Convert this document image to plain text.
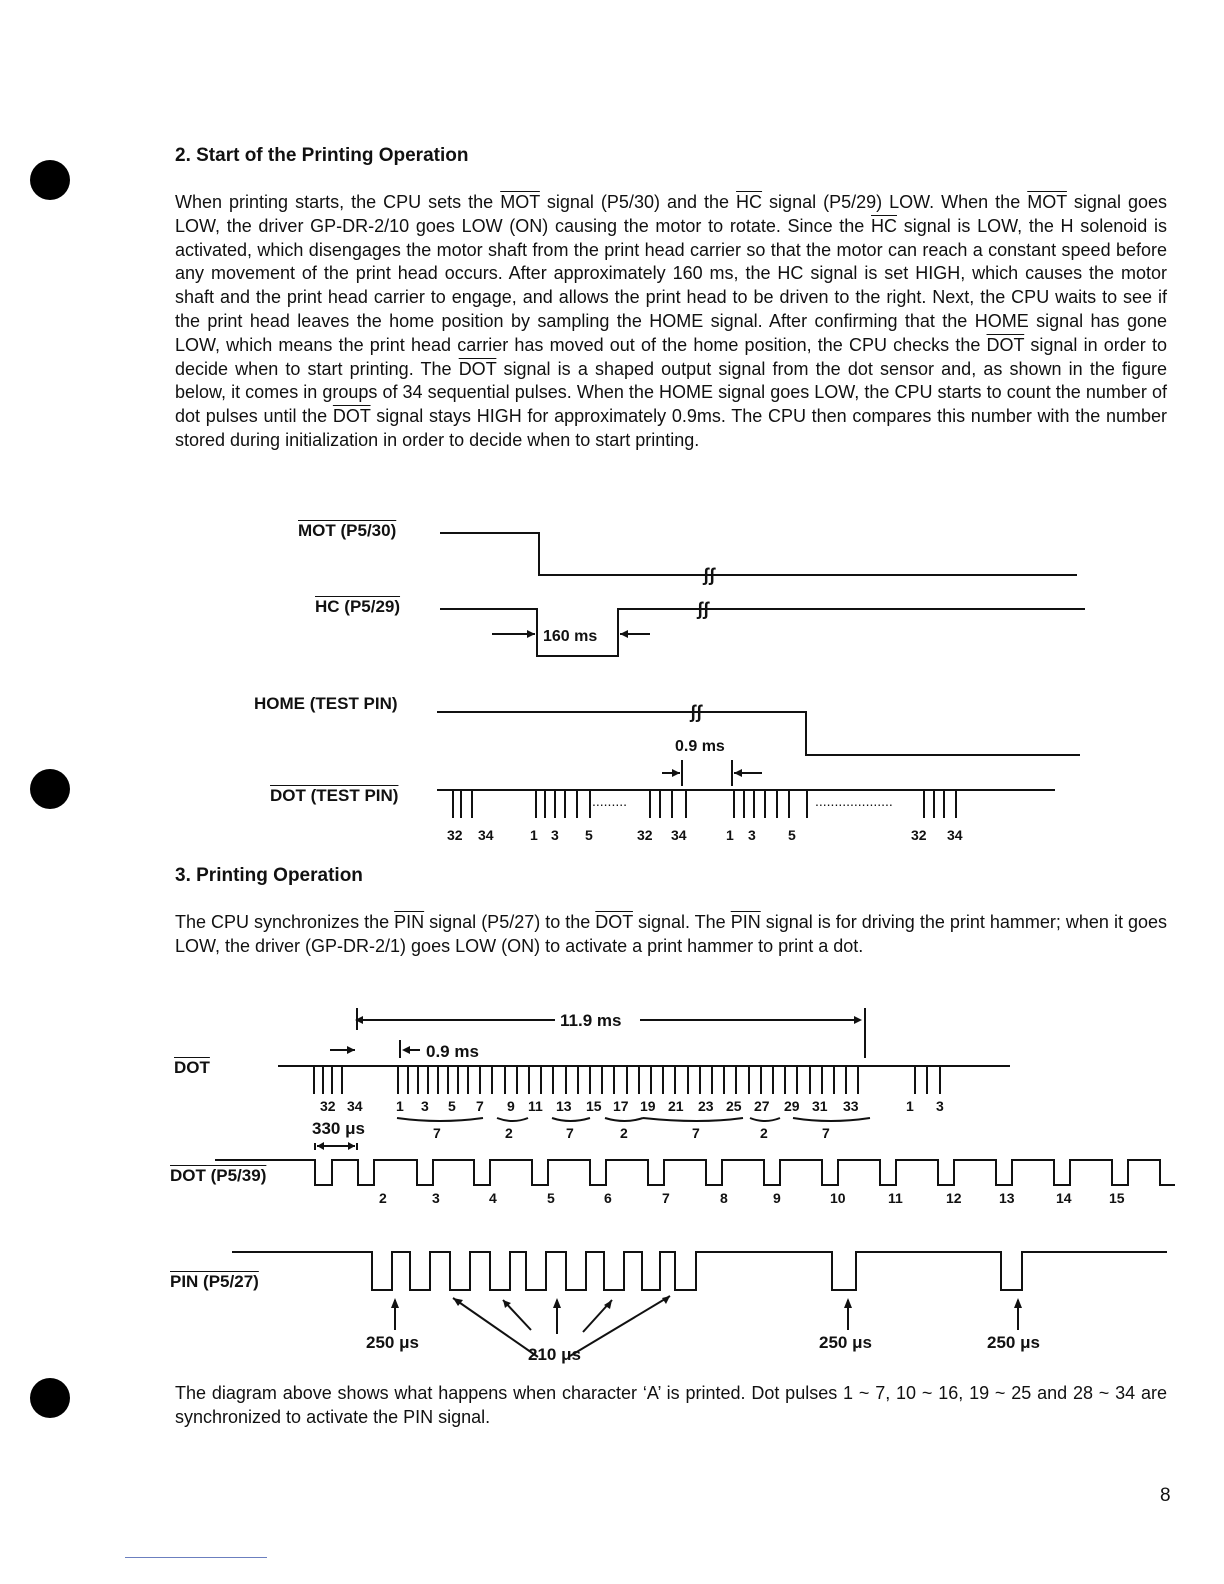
2. Start of the Printing Operation

When printing starts, the CPU sets the $\overline{MOT}$ signal (P5/30) and the $\overline{HC}$ signal (P5/29) LOW. When the $\overline{MOT}$ signal goes LOW, the driver GP-DR-2/10 goes LOW (ON) causing the motor to rotate. Since the $\overline{HC}$ signal is LOW, the H solenoid is activated, which disengages the motor shaft from the print head carrier so that the motor can reach a constant speed before any movement of the print head occurs. After approximately 160 ms, the HC signal is set HIGH, which causes the motor shaft and the print head carrier to engage, and allows the print head to be driven to the right. Next, the CPU waits to see if the print head leaves the home position by sampling the HOME signal. After confirming that the HOME signal has gone LOW, which means the print head carrier has moved out of the home position, the CPU checks the $\overline{DOT}$ signal in order to decide when to start printing. The $\overline{DOT}$ signal is a shaped output signal from the dot sensor and, as shown in the figure below, it comes in groups of 34 sequential pulses. When the HOME signal goes LOW, the CPU starts to count the number of dot pulses until the $\overline{DOT}$ signal stays HIGH for approximately 0.9ms. The CPU then compares this number with the number stored during initialization in order to decide when to start printing.

MOT (P5/30)
HC (P5/29)
HOME (TEST PIN)
DOT (TEST PIN)
160 ms
0.9 ms
ʃʃ
ʃʃ
ʃʃ
.........	....................
32 34	1 3 5	32 34	1 3 5	32 34
3. Printing Operation

The CPU synchronizes the $\overline{PIN}$ signal (P5/27) to the $\overline{DOT}$ signal. The $\overline{PIN}$ signal is for driving the print hammer; when it goes LOW, the driver (GP-DR-2/1) goes LOW (ON) to activate a print hammer to print a dot.

$\overline{DOT}$
DOT (P5/39)
PIN (P5/27)
11.9 ms
0.9 ms
330 μs
250 μs
210 μs
250 μs	250 μs
32 34 1 3 5 7 9 11 13 15 17 19 21 23 25 27 29 31 33	1 3
7	2	7	2	7	2	7
2	3	4	5	6	7	8	9	10	11	12	13	14	15

The diagram above shows what happens when character ‘A’ is printed. Dot pulses 1 ~ 7, 10 ~ 16, 19 ~ 25 and 28 ~ 34 are synchronized to activate the PIN signal.

8
